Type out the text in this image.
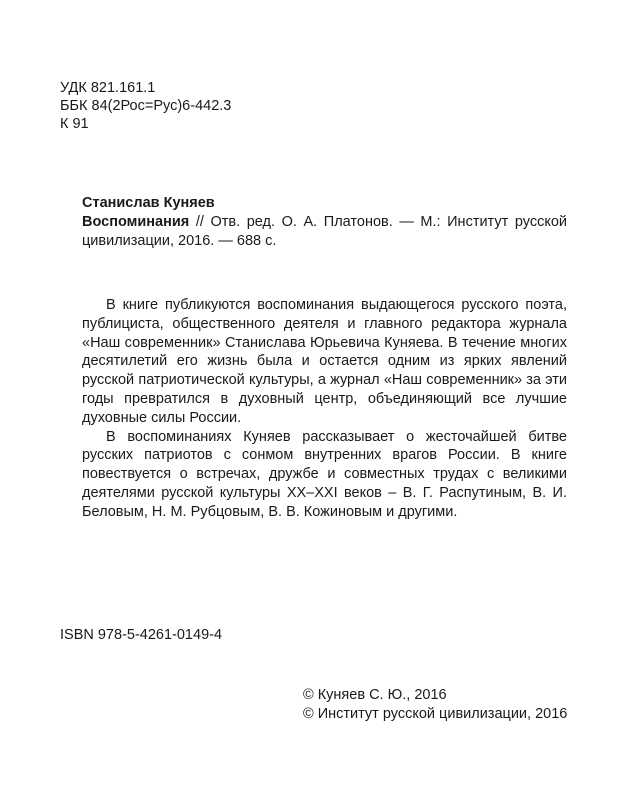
УДК 821.161.1
ББК 84(2Рос=Рус)6-442.3
К 91
Станислав Куняев
Воспоминания // Отв. ред. О. А. Платонов. — М.: Институт русской цивилизации, 2016. — 688 с.

В книге публикуются воспоминания выдающегося русского поэта, публициста, общественного деятеля и главного редактора журнала «Наш современник» Станислава Юрьевича Куняева. В течение многих десятилетий его жизнь была и остается одним из ярких явлений русской патриотической культуры, а журнал «Наш современник» за эти годы превратился в духовный центр, объединяющий все лучшие духовные силы России.

В воспоминаниях Куняев рассказывает о жесточайшей битве русских патриотов с сонмом внутренних врагов России. В книге повествуется о встречах, дружбе и совместных трудах с великими деятелями русской культуры XX–XXI веков – В. Г. Распутиным, В. И. Беловым, Н. М. Рубцовым, В. В. Кожиновым и другими.

ISBN 978-5-4261-0149-4
© Куняев С. Ю., 2016
© Институт русской цивилизации, 2016
